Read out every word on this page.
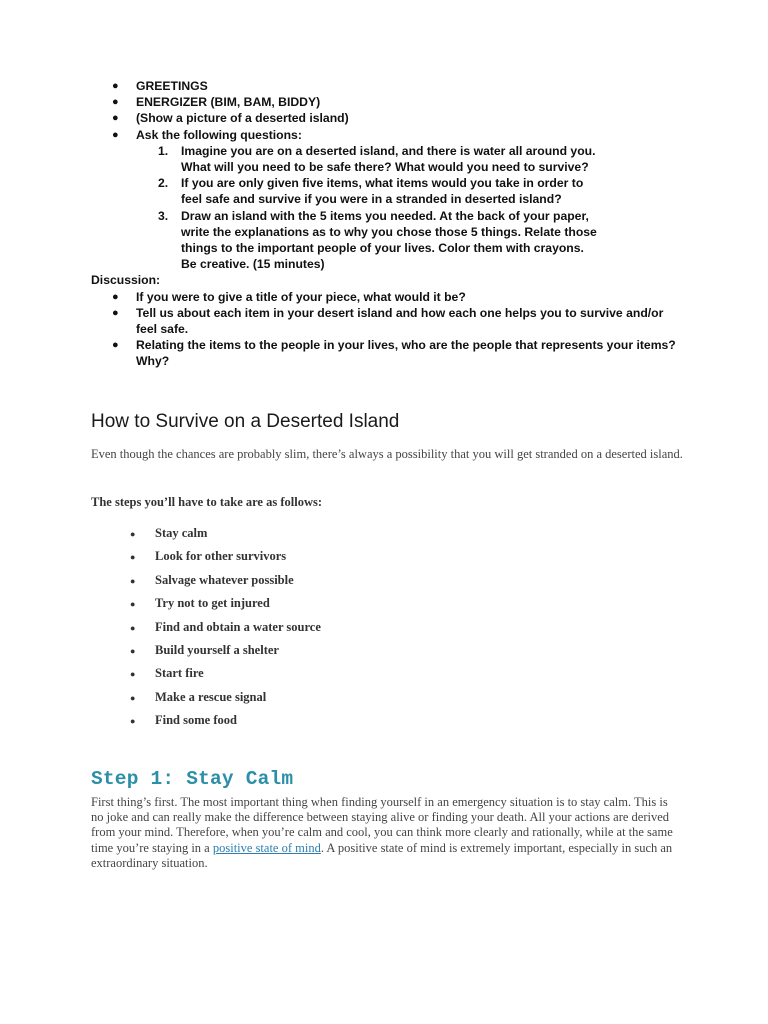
● GREETINGS
● ENERGIZER (BIM, BAM, BIDDY)
● (Show a picture of a deserted island)
● Ask the following questions:
1. Imagine you are on a deserted island, and there is water all around you. What will you need to be safe there? What would you need to survive?
2. If you are only given five items, what items would you take in order to feel safe and survive if you were in a stranded in deserted island?
3. Draw an island with the 5 items you needed. At the back of your paper, write the explanations as to why you chose those 5 things. Relate those things to the important people of your lives. Color them with crayons. Be creative. (15 minutes)
Discussion:
● If you were to give a title of your piece, what would it be?
● Tell us about each item in your desert island and how each one helps you to survive and/or feel safe.
● Relating the items to the people in your lives, who are the people that represents your items? Why?
How to Survive on a Deserted Island

Even though the chances are probably slim, there’s always a possibility that you will get stranded on a deserted island.

The steps you’ll have to take are as follows:

● Stay calm
● Look for other survivors
● Salvage whatever possible
● Try not to get injured
● Find and obtain a water source
● Build yourself a shelter
● Start fire
● Make a rescue signal
● Find some food
Step 1: Stay Calm

First thing’s first. The most important thing when finding yourself in an emergency situation is to stay calm. This is no joke and can really make the difference between staying alive or finding your death. All your actions are derived from your mind. Therefore, when you’re calm and cool, you can think more clearly and rationally, while at the same time you’re staying in a positive state of mind. A positive state of mind is extremely important, especially in such an extraordinary situation.
